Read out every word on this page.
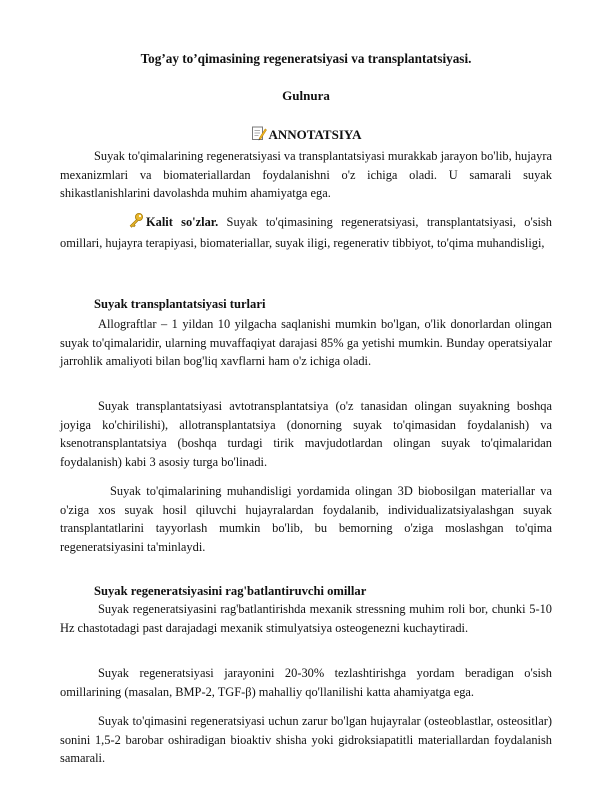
Tog’ay to’qimasining regeneratsiyasi va transplantatsiyasi.

Gulnura

ANNOTATSIYA

Suyak to'qimalarining regeneratsiyasi va transplantatsiyasi murakkab jarayon bo'lib, hujayra mexanizmlari va biomateriallardan foydalanishni o'z ichiga oladi. U samarali suyak shikastlanishlarini davolashda muhim ahamiyatga ega.

Kalit so'zlar. Suyak to'qimasining regeneratsiyasi, transplantatsiyasi, o'sish omillari, hujayra terapiyasi, biomateriallar, suyak iligi, regenerativ tibbiyot, to'qima muhandisligi,

Suyak transplantatsiyasi turlari

Allograftlar – 1 yildan 10 yilgacha saqlanishi mumkin bo'lgan, o'lik donorlardan olingan suyak to'qimalaridir, ularning muvaffaqiyat darajasi 85% ga yetishi mumkin. Bunday operatsiyalar jarrohlik amaliyoti bilan bog'liq xavflarni ham o'z ichiga oladi.

Suyak transplantatsiyasi avtotransplantatsiya (o'z tanasidan olingan suyakning boshqa joyiga ko'chirilishi), allotransplantatsiya (donorning suyak to'qimasidan foydalanish) va ksenotransplantatsiya (boshqa turdagi tirik mavjudotlardan olingan suyak to'qimalaridan foydalanish) kabi 3 asosiy turga bo'linadi.

Suyak to'qimalarining muhandisligi yordamida olingan 3D biobosilgan materiallar va o'ziga xos suyak hosil qiluvchi hujayralardan foydalanib, individualizatsiyalashgan suyak transplantatlarini tayyorlash mumkin bo'lib, bu bemorning o'ziga moslashgan to'qima regeneratsiyasini ta'minlaydi.

Suyak regeneratsiyasini rag'batlantiruvchi omillar

Suyak regeneratsiyasini rag'batlantirishda mexanik stressning muhim roli bor, chunki 5-10 Hz chastotadagi past darajadagi mexanik stimulyatsiya osteogenezni kuchaytiradi.

Suyak regeneratsiyasi jarayonini 20-30% tezlashtirishga yordam beradigan o'sish omillarining (masalan, BMP-2, TGF-β) mahalliy qo'llanilishi katta ahamiyatga ega.

Suyak to'qimasini regeneratsiyasi uchun zarur bo'lgan hujayralar (osteoblastlar, osteositlar) sonini 1,5-2 barobar oshiradigan bioaktiv shisha yoki gidroksiapatitli materiallardan foydalanish samarali.
